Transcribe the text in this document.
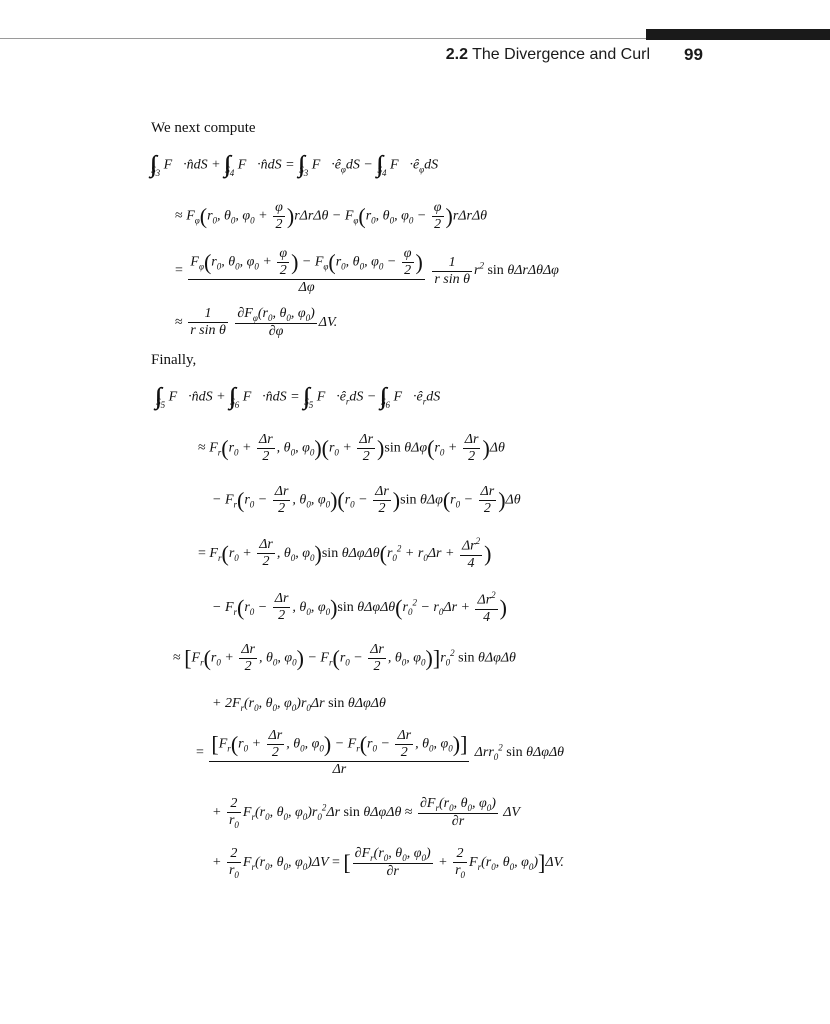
2.2 The Divergence and Curl 99
We next compute
$\int\int_{S_3}$ F⃗·n̂dS + $\int\int_{S_4}$ F⃗·n̂dS = $\int\int_{S_3}$ $F⃗\cdot ê_\varphi dS - \int\int_{S_4}$ $F⃗\cdot ê_\varphi dS$
≈ $F_\varphi(r_0$, $\theta_0$, $\varphi_0 + \frac{\varphi}{2} )r\Delta r\Delta\theta - F_\varphi(r_0$, $\theta_0$, $\varphi_0 - \frac{\varphi}{2} )r\Delta r\Delta\theta$
= $\frac{F_\varphi(r_0, \theta_0, \varphi_0 + \frac{\varphi}{2} ) - F_\varphi(r_0, \theta_0, \varphi_0 - \frac{\varphi}{2} )}{\Delta\varphi}$
$\frac{1}{\text{r sin θ}} r^2$ sin θΔrΔθΔφ
≈ $\frac{1}{\text{r sin θ}}$
$\frac{\partial F_\varphi(r_0, \theta_0, \varphi_0)}{\partial\varphi} \Delta V$.
Finally,
$\int\int_{S_5}$ F⃗·n̂dS + $\int\int_{S_6}$ F⃗·n̂dS = $\int\int_{S_5}$ $F⃗\cdot ê_rdS - \int\int_{S_6}$ $F⃗\cdot ê_rdS$
≈ $F_r(r_0 + \frac{\Delta r}{2}$ , $\theta_0$, $\varphi_0)(r_0 + \frac{\Delta r}{2} )\sin$ $\theta\Delta\varphi(r_0 + \frac{\Delta r}{2} )\Delta\theta$
− $F_r(r_0 - \frac{\Delta r}{2}$ , $\theta_0$, $\varphi_0)(r_0 - \frac{\Delta r}{2} )\sin$ $\theta\Delta\varphi(r_0 - \frac{\Delta r}{2} )\Delta\theta$
= $F_r(r_0 + \frac{\Delta r}{2}$ , $\theta_0$, $\varphi_0)\sin$ $\theta\Delta\varphi\Delta\theta(r_0^2 + r_0\Delta r + \frac{\Delta r^2}{4}$ )
− $F_r(r_0 - \frac{\Delta r}{2}$ , $\theta_0$, $\varphi_0)\sin$ $\theta\Delta\varphi\Delta\theta(r_0^2 - r_0\Delta r + \frac{\Delta r^2}{4}$ )
≈ [$F_r(r_0 + \frac{\Delta r}{2}$ , $\theta_0$, $\varphi_0) - F_r(r_0 - \frac{\Delta r}{2}$ , $\theta_0$, $\varphi_0)]r_0^2$ sin θΔφΔθ
+ $2F_r(r_0$, $\theta_0$, $\varphi_0)r_0\Delta r$ sin θΔφΔθ
= $\frac{[F_r(r_0 + \frac{\Delta r}{2} , \theta_0, \varphi_0) - F_r(r_0 - \frac{\Delta r}{2} , \theta_0, \varphi_0)]}{\Delta r} \Delta rr_0^2$ sin θΔφΔθ
+ $\frac{2}{r_0} F_r(r_0$, $\theta_0$, $\varphi_0)r_0^2\Delta r$ $\sin \theta\Delta\varphi\Delta\theta \approx \frac{\partial F_r(r_0, \theta_0, \varphi_0)}{\partial r}$ ΔV
+ $\frac{2}{r_0} F_r(r_0$, $\theta_0$, $\varphi_0)\Delta V$ = [ $\frac{\partial F_r(r_0, \theta_0, \varphi_0)}{\partial r} + \frac{2}{r_0} F_r(r_0$, $\theta_0$, $\varphi_0)]\Delta V$.
